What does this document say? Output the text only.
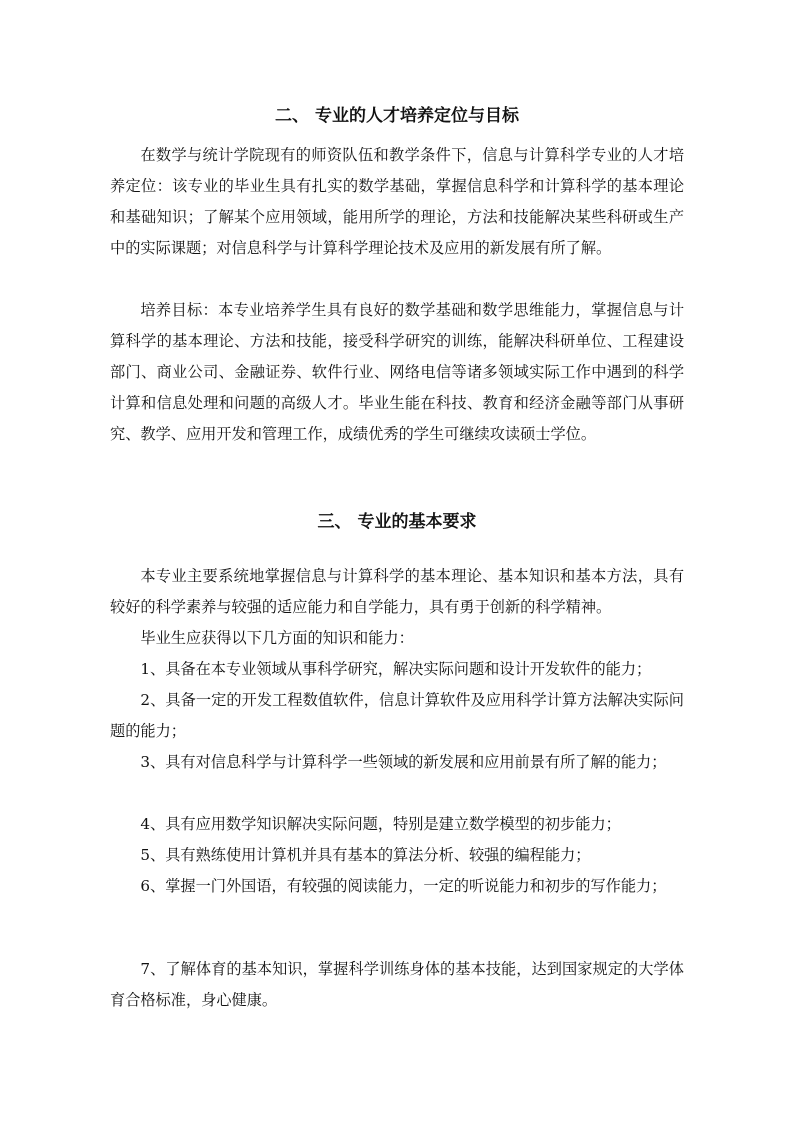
二、 专业的人才培养定位与目标

在数学与统计学院现有的师资队伍和教学条件下，信息与计算科学专业的人才培养定位：该专业的毕业生具有扎实的数学基础，掌握信息科学和计算科学的基本理论和基础知识；了解某个应用领域，能用所学的理论，方法和技能解决某些科研或生产中的实际课题；对信息科学与计算科学理论技术及应用的新发展有所了解。

培养目标：本专业培养学生具有良好的数学基础和数学思维能力，掌握信息与计算科学的基本理论、方法和技能，接受科学研究的训练，能解决科研单位、工程建设部门、商业公司、金融证券、软件行业、网络电信等诸多领域实际工作中遇到的科学计算和信息处理和问题的高级人才。毕业生能在科技、教育和经济金融等部门从事研究、教学、应用开发和管理工作，成绩优秀的学生可继续攻读硕士学位。

三、 专业的基本要求

本专业主要系统地掌握信息与计算科学的基本理论、基本知识和基本方法，具有较好的科学素养与较强的适应能力和自学能力，具有勇于创新的科学精神。

毕业生应获得以下几方面的知识和能力：

1、具备在本专业领域从事科学研究，解决实际问题和设计开发软件的能力；

2、具备一定的开发工程数值软件，信息计算软件及应用科学计算方法解决实际问题的能力；

3、具有对信息科学与计算科学一些领域的新发展和应用前景有所了解的能力；

4、具有应用数学知识解决实际问题，特别是建立数学模型的初步能力；

5、具有熟练使用计算机并具有基本的算法分析、较强的编程能力；

6、掌握一门外国语，有较强的阅读能力，一定的听说能力和初步的写作能力；

7、了解体育的基本知识，掌握科学训练身体的基本技能，达到国家规定的大学体育合格标准，身心健康。
